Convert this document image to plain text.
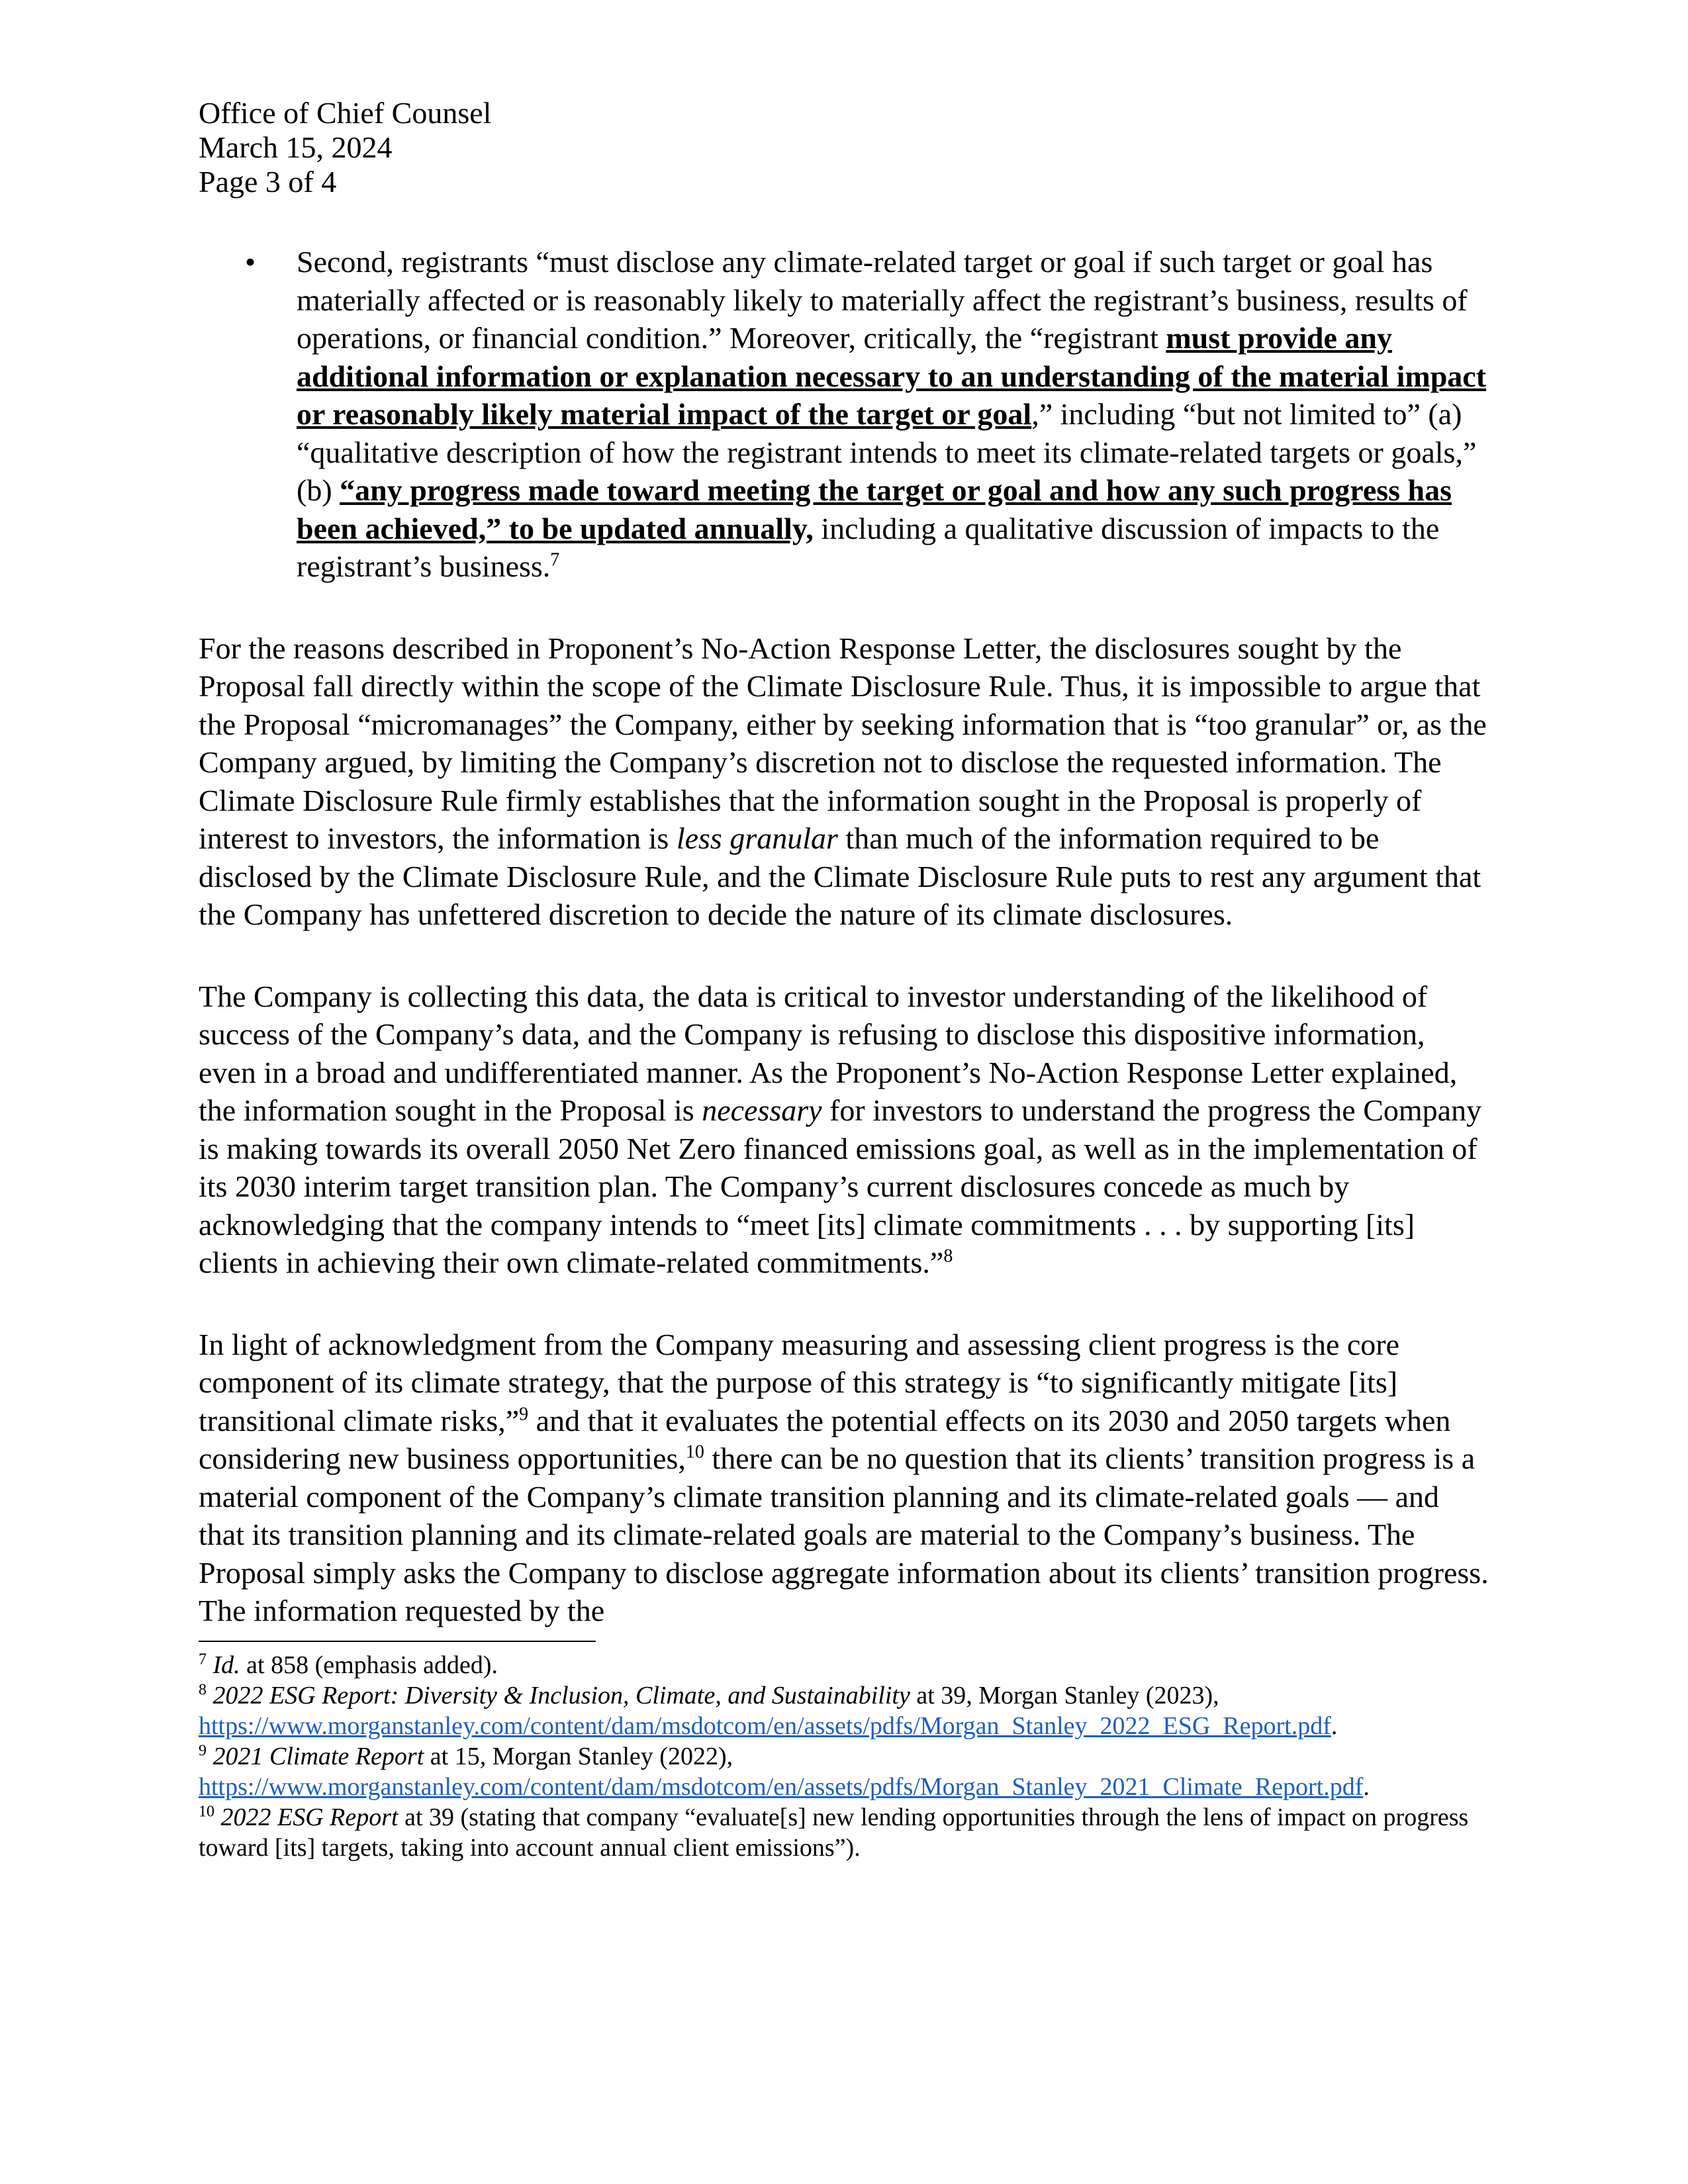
Office of Chief Counsel

March 15, 2024

Page 3 of 4

• Second, registrants “must disclose any climate-related target or goal if such target or goal has materially affected or is reasonably likely to materially affect the registrant’s business, results of operations, or financial condition.” Moreover, critically, the “registrant must provide any additional information or explanation necessary to an understanding of the material impact or reasonably likely material impact of the target or goal,” including “but not limited to” (a) “qualitative description of how the registrant intends to meet its climate-related targets or goals,” (b) “any progress made toward meeting the target or goal and how any such progress has been achieved,” to be updated annually, including a qualitative discussion of impacts to the registrant’s business.$^7$

For the reasons described in Proponent’s No-Action Response Letter, the disclosures sought by the Proposal fall directly within the scope of the Climate Disclosure Rule. Thus, it is impossible to argue that the Proposal “micromanages” the Company, either by seeking information that is “too granular” or, as the Company argued, by limiting the Company’s discretion not to disclose the requested information. The Climate Disclosure Rule firmly establishes that the information sought in the Proposal is properly of interest to investors, the information is less granular than much of the information required to be disclosed by the Climate Disclosure Rule, and the Climate Disclosure Rule puts to rest any argument that the Company has unfettered discretion to decide the nature of its climate disclosures.

The Company is collecting this data, the data is critical to investor understanding of the likelihood of success of the Company’s data, and the Company is refusing to disclose this dispositive information, even in a broad and undifferentiated manner. As the Proponent’s No-Action Response Letter explained, the information sought in the Proposal is necessary for investors to understand the progress the Company is making towards its overall 2050 Net Zero financed emissions goal, as well as in the implementation of its 2030 interim target transition plan. The Company’s current disclosures concede as much by acknowledging that the company intends to “meet [its] climate commitments . . . by supporting [its] clients in achieving their own climate-related commitments.”$^8$

In light of acknowledgment from the Company measuring and assessing client progress is the core component of its climate strategy, that the purpose of this strategy is “to significantly mitigate [its] transitional climate risks,”$^9$ and that it evaluates the potential effects on its 2030 and 2050 targets when considering new business opportunities,$^{10}$ there can be no question that its clients’ transition progress is a material component of the Company’s climate transition planning and its climate-related goals — and that its transition planning and its climate-related goals are material to the Company’s business. The Proposal simply asks the Company to disclose aggregate information about its clients’ transition progress. The information requested by the

$^7$ Id. at 858 (emphasis added).

$^8$ 2022 ESG Report: Diversity & Inclusion, Climate, and Sustainability at 39, Morgan Stanley (2023),
https://www.morganstanley.com/content/dam/msdotcom/en/assets/pdfs/Morgan_Stanley_2022_ESG_Report.pdf.

$^9$ 2021 Climate Report at 15, Morgan Stanley (2022),
https://www.morganstanley.com/content/dam/msdotcom/en/assets/pdfs/Morgan_Stanley_2021_Climate_Report.pdf.

$^{10}$ 2022 ESG Report at 39 (stating that company “evaluate[s] new lending opportunities through the lens of impact on progress toward [its] targets, taking into account annual client emissions”).
